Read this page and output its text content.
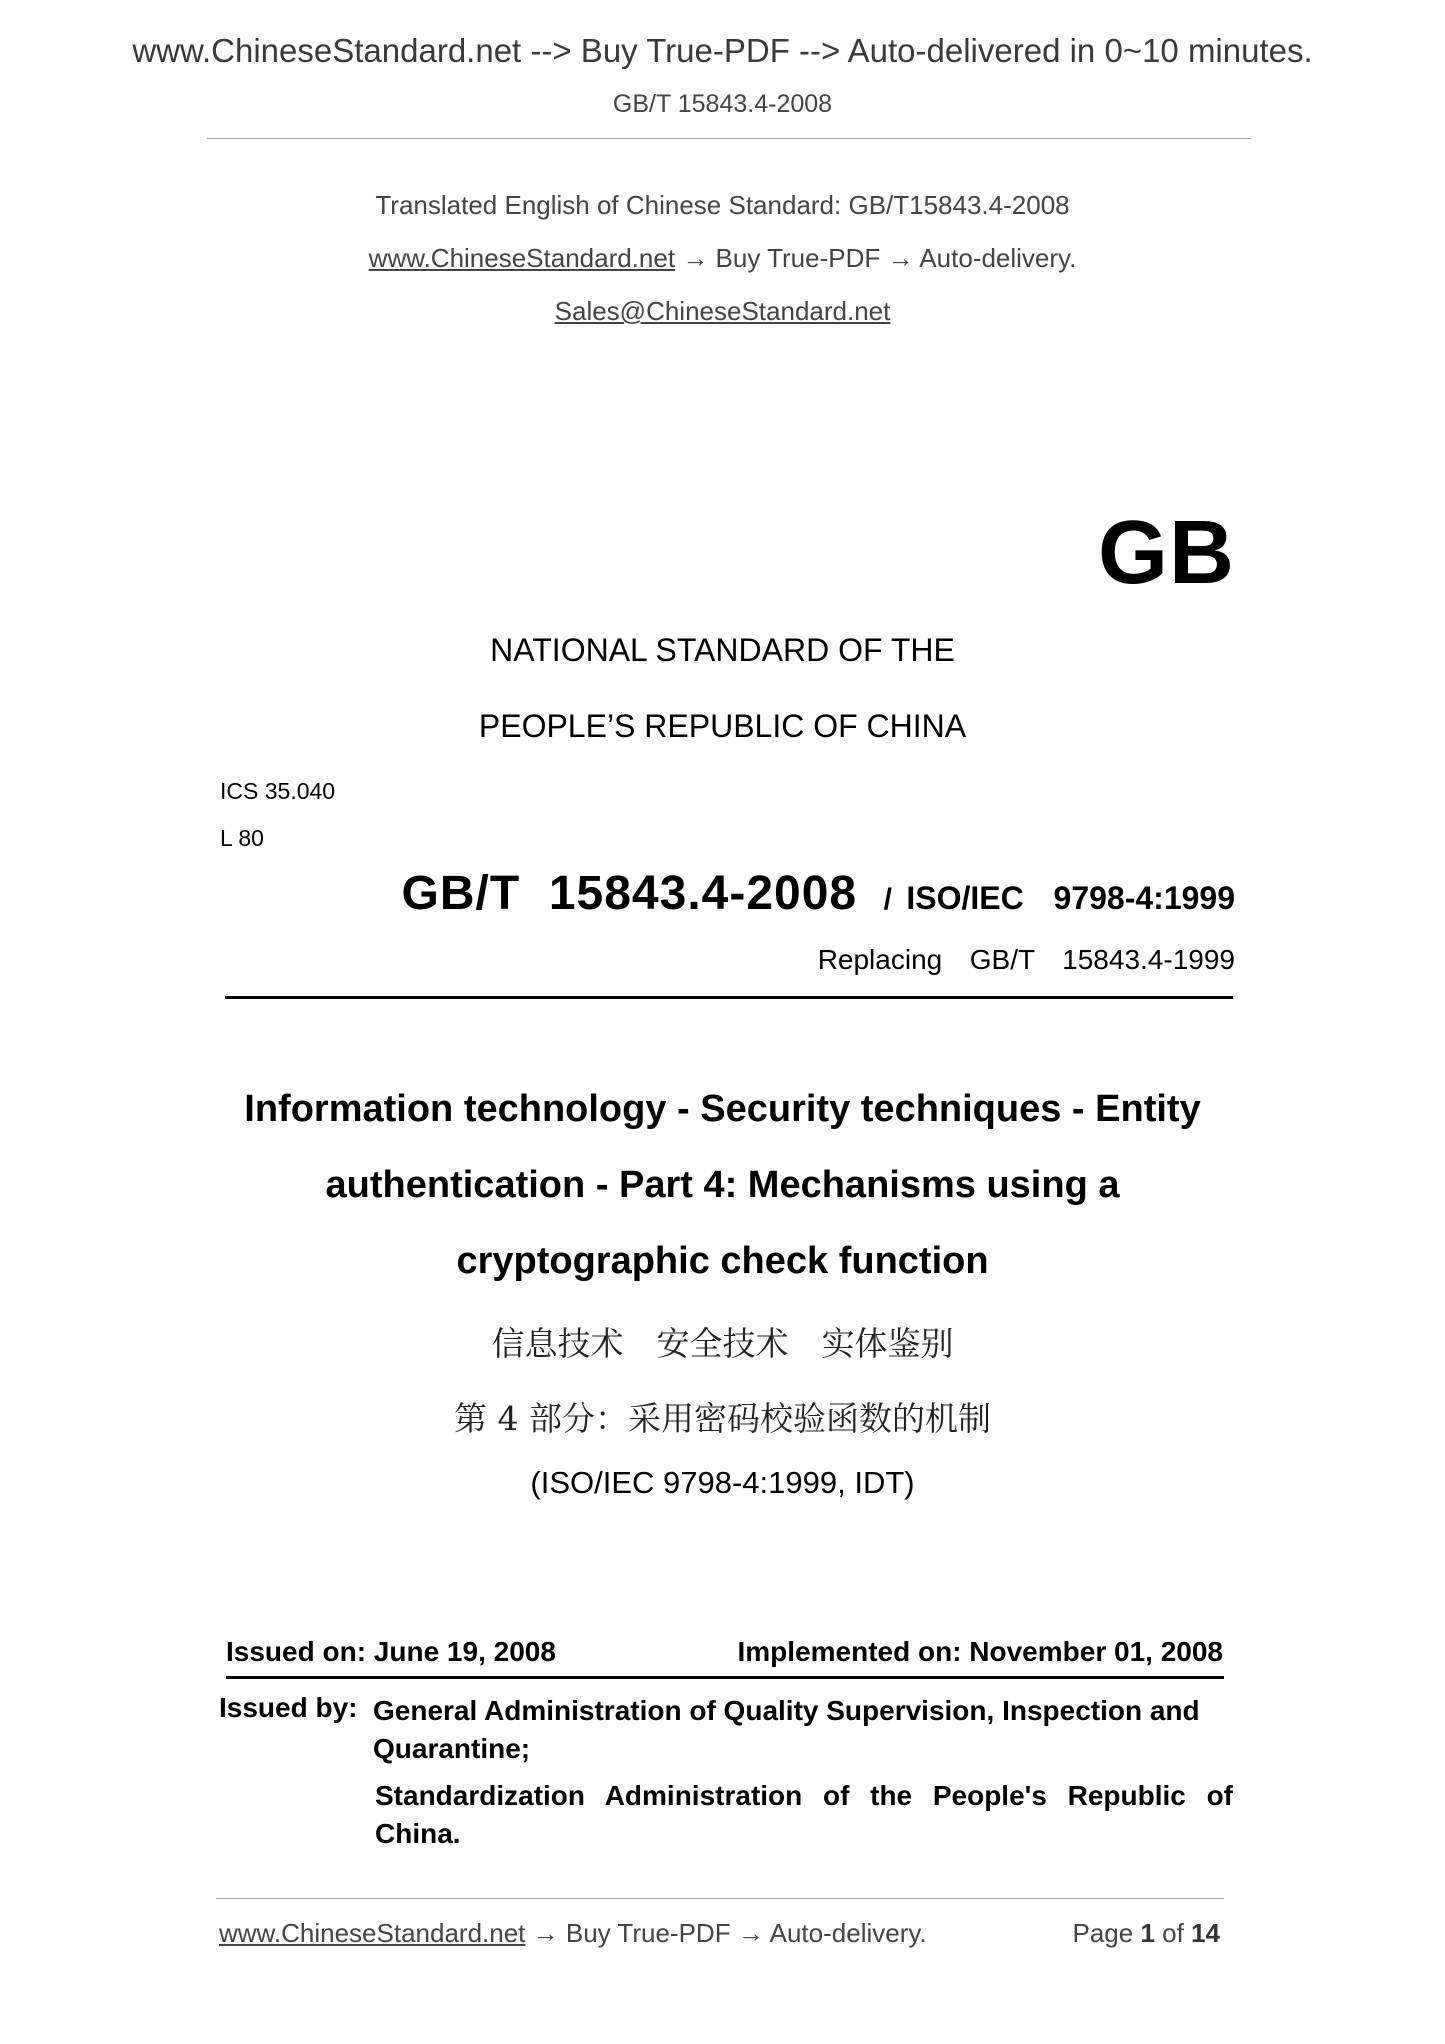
www.ChineseStandard.net --> Buy True-PDF --> Auto-delivered in 0~10 minutes.
GB/T 15843.4-2008
Translated English of Chinese Standard: GB/T15843.4-2008
www.ChineseStandard.net → Buy True-PDF → Auto-delivery.
Sales@ChineseStandard.net
GB
NATIONAL STANDARD OF THE
PEOPLE’S REPUBLIC OF CHINA
ICS 35.040
L 80
GB/T  15843.4-2008 / ISO/IEC  9798-4:1999
Replacing  GB/T  15843.4-1999
Information technology - Security techniques - Entity
authentication - Part 4: Mechanisms using a
cryptographic check function
信息技术　安全技术　实体鉴别
第 4 部分：采用密码校验函数的机制
(ISO/IEC 9798-4:1999, IDT)
Issued on: June 19, 2008	Implemented on: November 01, 2008
Issued by: General Administration of Quality Supervision, Inspection and Quarantine;
Standardization Administration of the People's Republic of China.
www.ChineseStandard.net → Buy True-PDF → Auto-delivery.	Page 1 of 14
